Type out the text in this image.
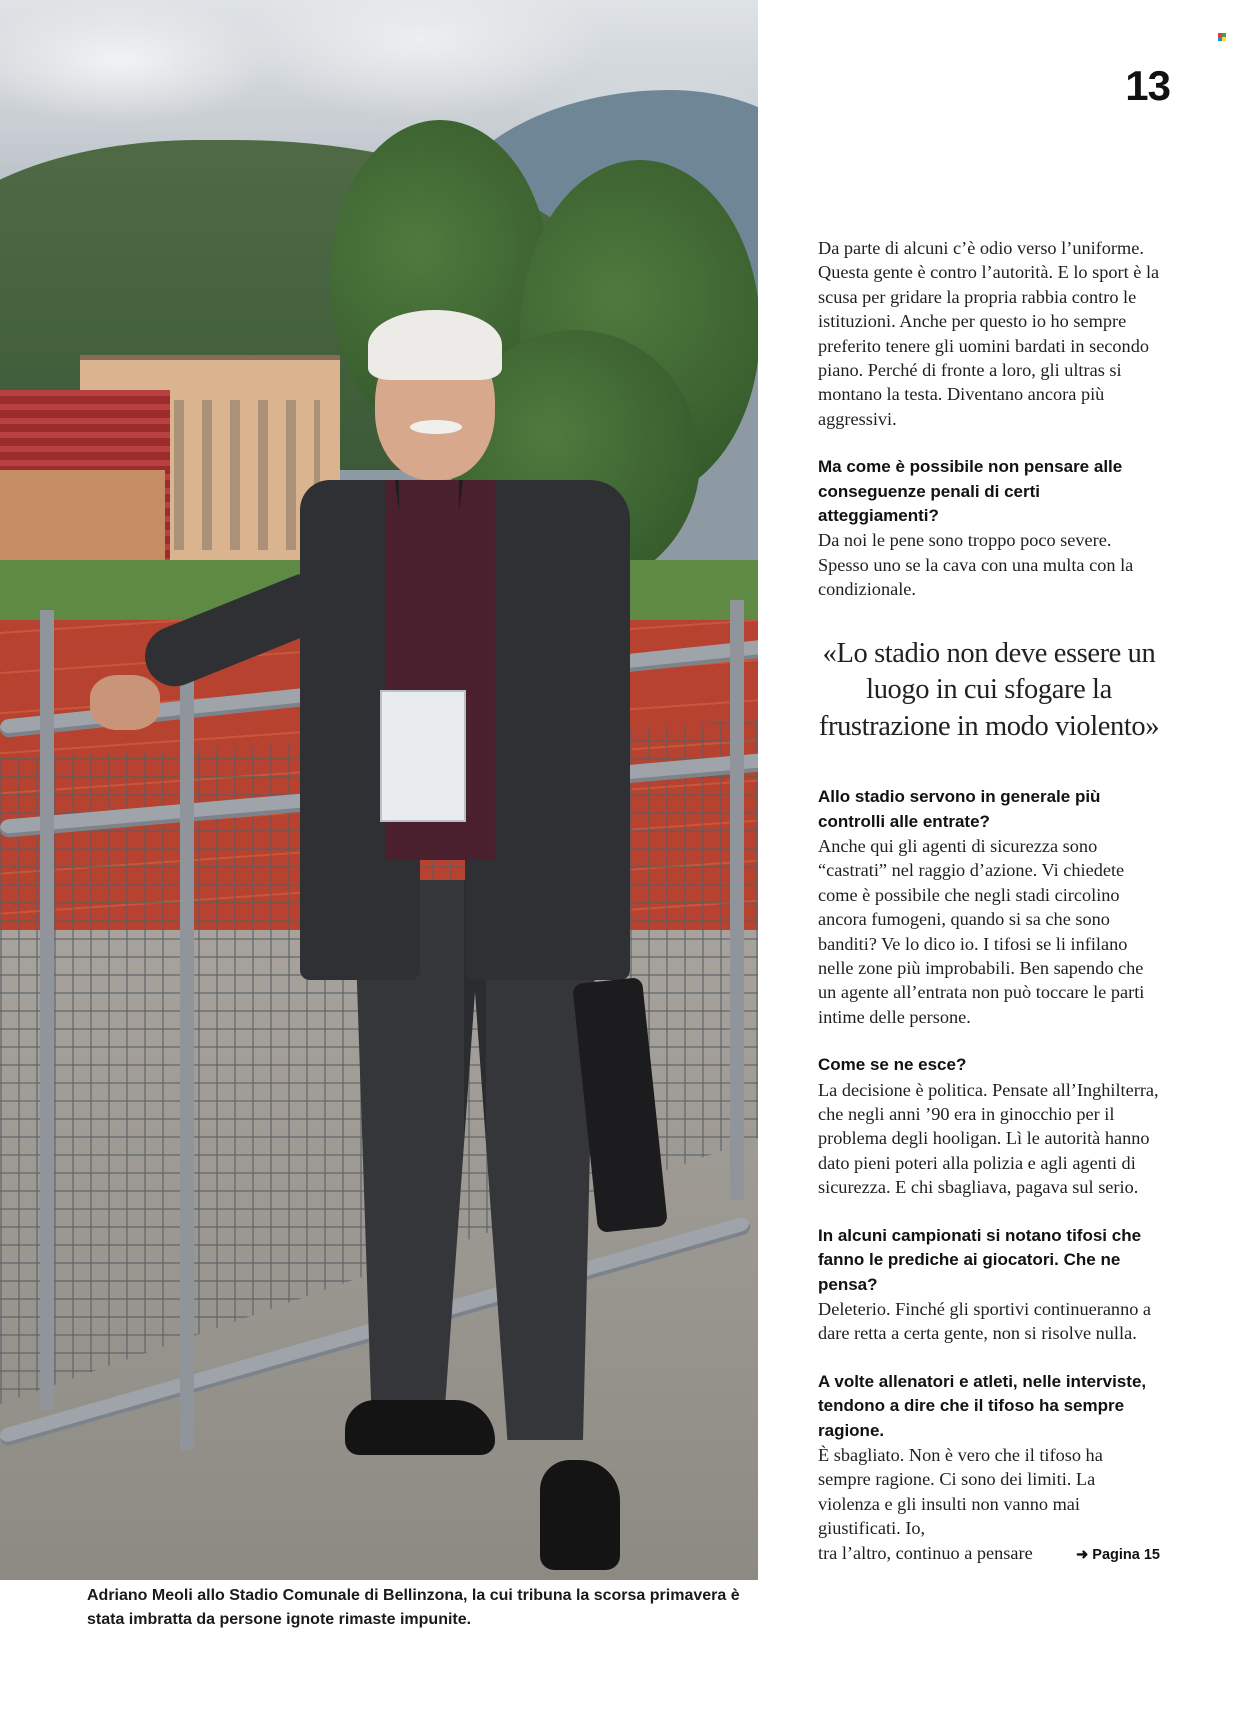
Adriano Meoli allo Stadio Comunale di Bellinzona, la cui tribuna la scorsa primavera è stata imbratta da persone ignote rimaste impunite.

13

Da parte di alcuni c’è odio verso l’uniforme. Questa gente è contro l’autorità. E lo sport è la scusa per gridare la propria rabbia contro le istituzioni. Anche per questo io ho sempre preferito tenere gli uomini bardati in secondo piano. Perché di fronte a loro, gli ultras si montano la testa. Diventano ancora più aggressivi.

Ma come è possibile non pensare alle conseguenze penali di certi atteggiamenti?

Da noi le pene sono troppo poco severe. Spesso uno se la cava con una multa con la condizionale.

«Lo stadio non deve essere un luogo in cui sfogare la frustrazione in modo violento»

Allo stadio servono in generale più controlli alle entrate?

Anche qui gli agenti di sicurezza sono “castrati” nel raggio d’azione. Vi chiedete come è possibile che negli stadi circolino ancora fumogeni, quando si sa che sono banditi? Ve lo dico io. I tifosi se li infilano nelle zone più improbabili. Ben sapendo che un agente all’entrata non può toccare le parti intime delle persone.

Come se ne esce?

La decisione è politica. Pensate all’Inghilterra, che negli anni ’90 era in ginocchio per il problema degli hooligan. Lì le autorità hanno dato pieni poteri alla polizia e agli agenti di sicurezza. E chi sbagliava, pagava sul serio.

In alcuni campionati si notano tifosi che fanno le prediche ai giocatori. Che ne pensa?

Deleterio. Finché gli sportivi continueranno a dare retta a certa gente, non si risolve nulla.

A volte allenatori e atleti, nelle interviste, tendono a dire che il tifoso ha sempre ragione.

È sbagliato. Non è vero che il tifoso ha sempre ragione. Ci sono dei limiti. La violenza e gli insulti non vanno mai giustificati. Io,

tra l’altro, continuo a pensare	➜ Pagina 15
